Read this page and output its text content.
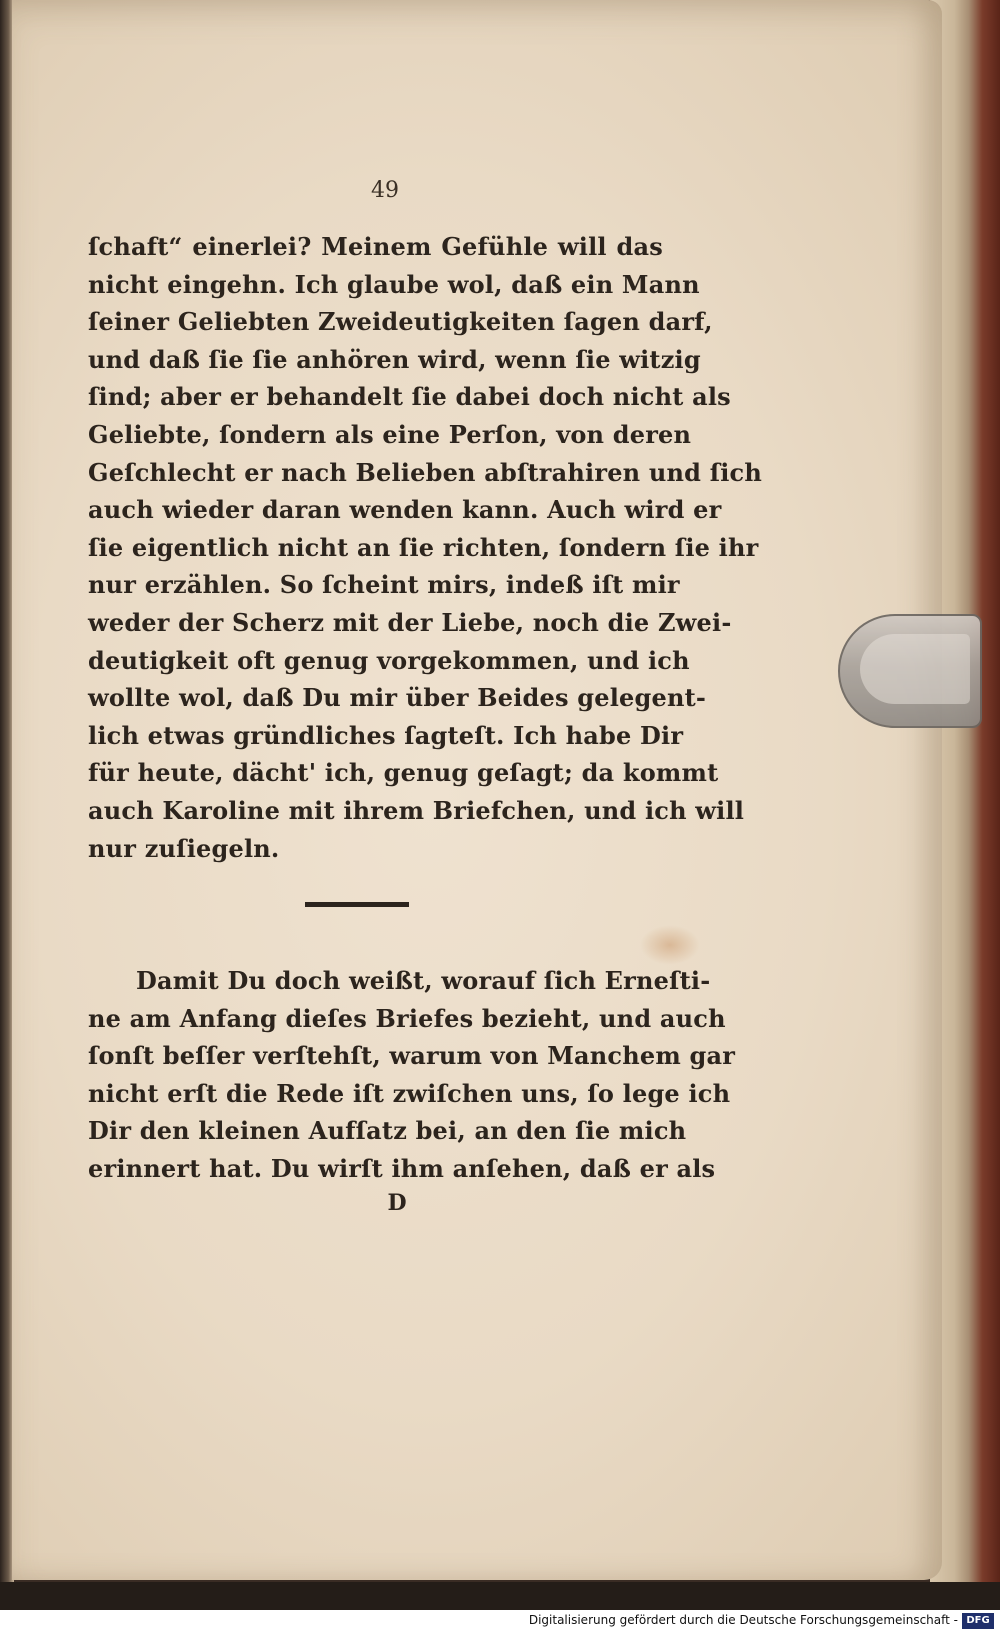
49
ſchaft“ einerlei? Meinem Gefühle will das
nicht eingehn. Ich glaube wol, daß ein Mann
ſeiner Geliebten Zweideutigkeiten ſagen darf,
und daß ſie ſie anhören wird, wenn ſie witzig
ſind; aber er behandelt ſie dabei doch nicht als
Geliebte, ſondern als eine Perſon, von deren
Geſchlecht er nach Belieben abſtrahiren und ſich
auch wieder daran wenden kann. Auch wird er
ſie eigentlich nicht an ſie richten, ſondern ſie ihr
nur erzählen. So ſcheint mirs, indeß iſt mir
weder der Scherz mit der Liebe, noch die Zwei-
deutigkeit oft genug vorgekommen, und ich
wollte wol, daß Du mir über Beides gelegent-
lich etwas gründliches ſagteſt. Ich habe Dir
für heute, dächt' ich, genug geſagt; da kommt
auch Karoline mit ihrem Briefchen, und ich will
nur zuſiegeln.
Damit Du doch weißt, worauf ſich Erneſti-
ne am Anfang dieſes Briefes bezieht, und auch
ſonſt beſſer verſtehſt, warum von Manchem gar
nicht erſt die Rede iſt zwiſchen uns, ſo lege ich
Dir den kleinen Aufſatz bei, an den ſie mich
erinnert hat. Du wirſt ihm anſehen, daß er als
D
Digitalisierung gefördert durch die Deutsche Forschungsgemeinschaft - DFG
